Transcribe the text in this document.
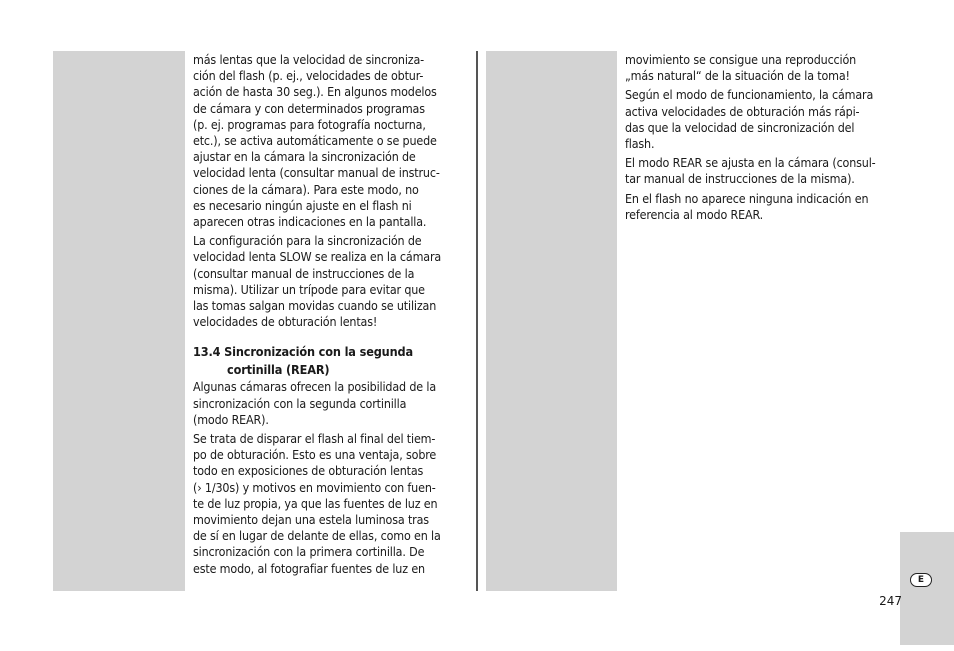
más lentas que la velocidad de sincroniza-
ción del flash (p. ej., velocidades de obtur-
ación de hasta 30 seg.). En algunos modelos
de cámara y con determinados programas
(p. ej. programas para fotografía nocturna,
etc.), se activa automáticamente o se puede
ajustar en la cámara la sincronización de
velocidad lenta (consultar manual de instruc-
ciones de la cámara). Para este modo, no
es necesario ningún ajuste en el flash ni
aparecen otras indicaciones en la pantalla.

La configuración para la sincronización de
velocidad lenta SLOW se realiza en la cámara
(consultar manual de instrucciones de la
misma). Utilizar un trípode para evitar que
las tomas salgan movidas cuando se utilizan
velocidades de obturación lentas!

13.4 Sincronización con la segunda
cortinilla (REAR)

Algunas cámaras ofrecen la posibilidad de la
sincronización con la segunda cortinilla
(modo REAR).

Se trata de disparar el flash al final del tiem-
po de obturación. Esto es una ventaja, sobre
todo en exposiciones de obturación lentas
(› 1/30s) y motivos en movimiento con fuen-
te de luz propia, ya que las fuentes de luz en
movimiento dejan una estela luminosa tras
de sí en lugar de delante de ellas, como en la
sincronización con la primera cortinilla. De
este modo, al fotografiar fuentes de luz en

movimiento se consigue una reproducción
„más natural“ de la situación de la toma!

Según el modo de funcionamiento, la cámara
activa velocidades de obturación más rápi-
das que la velocidad de sincronización del
flash.

El modo REAR se ajusta en la cámara (consul-
tar manual de instrucciones de la misma).

En el flash no aparece ninguna indicación en
referencia al modo REAR.

E
247
